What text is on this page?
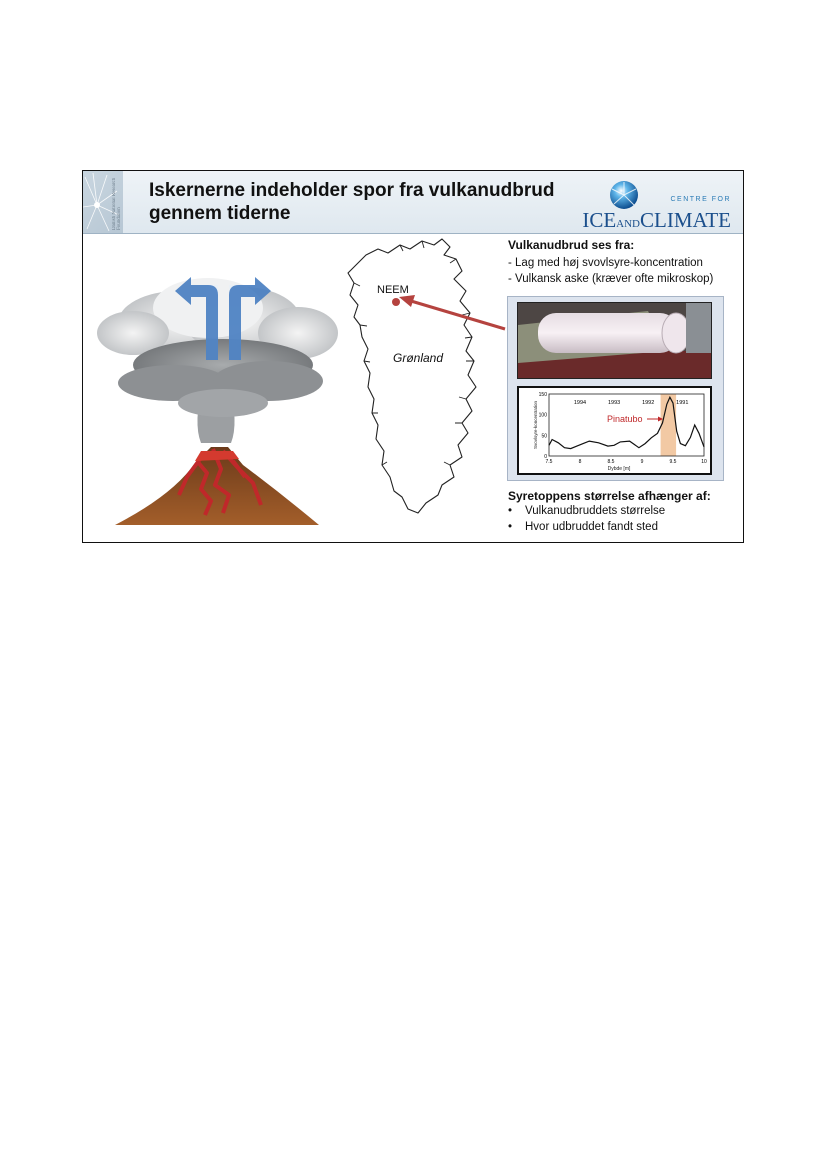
Danish National Research Foundation
Iskernerne indeholder spor fra vulkanudbrud
gennem tiderne
CENTRE FOR
ICEANDCLIMATE
NEEM
Grønland
Vulkanudbrud ses fra:
- Lag med høj svovlsyre-koncentration
- Vulkansk aske (kræver ofte mikroskop)
0
50
100
150
7.5	8	8.5	9	9.5	10
1994	1993	1992	1991
Pinatubo
Dybde [m]
Svovlsyre-koncentration
Syretoppens størrelse afhænger af:
• Vulkanudbruddets størrelse
• Hvor udbruddet fandt sted
